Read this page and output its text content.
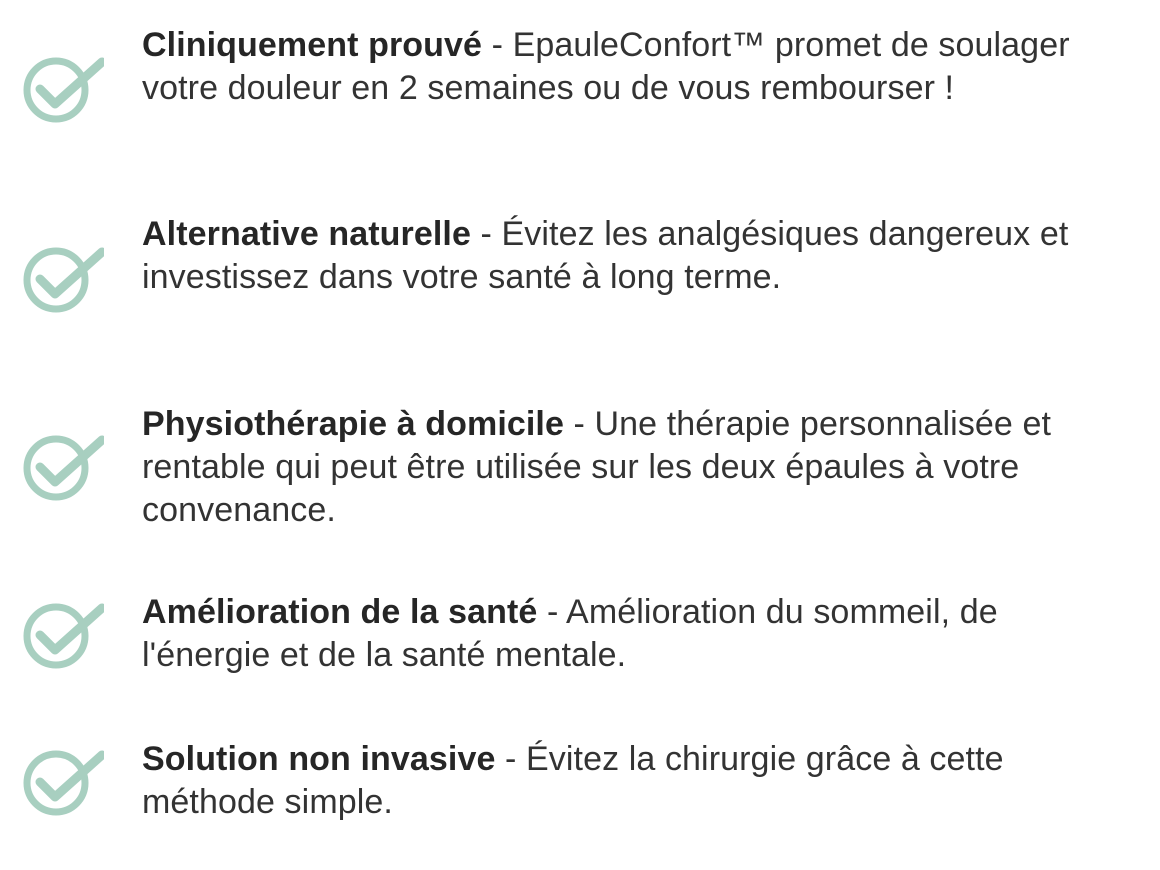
Cliniquement prouvé - EpauleConfort™ promet de soulager votre douleur en 2 semaines ou de vous rembourser !

Alternative naturelle - Évitez les analgésiques dangereux et investissez dans votre santé à long terme.

Physiothérapie à domicile - Une thérapie personnalisée et rentable qui peut être utilisée sur les deux épaules à votre convenance.

Amélioration de la santé - Amélioration du sommeil, de l'énergie et de la santé mentale.

Solution non invasive - Évitez la chirurgie grâce à cette méthode simple.
